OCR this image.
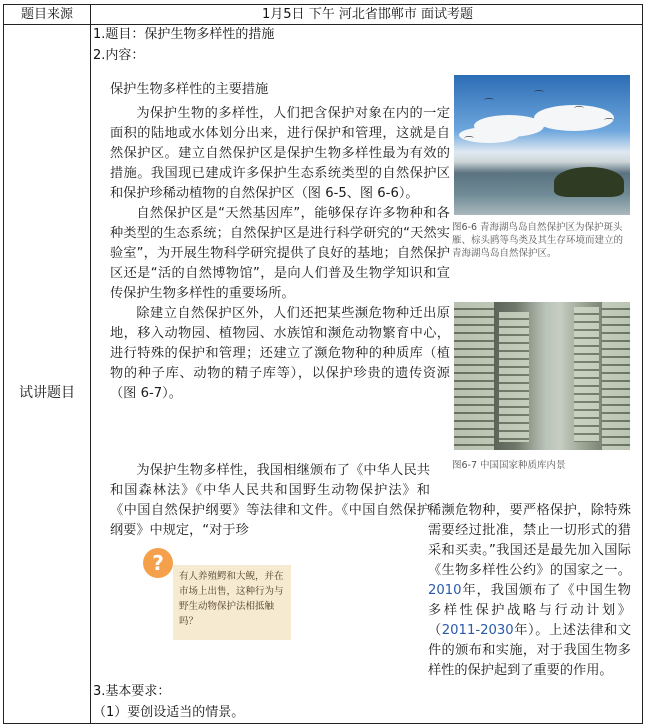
题目来源	1月5日 下午 河北省邯郸市 面试考题
试讲题目
1.题目：保护生物多样性的措施
2.内容：

保护生物多样性的主要措施

为保护生物的多样性，人们把含保护对象在内的一定面积的陆地或水体划分出来，进行保护和管理，这就是自然保护区。建立自然保护区是保护生物多样性最为有效的措施。我国现已建成许多保护生态系统类型的自然保护区和保护珍稀动植物的自然保护区（图 6-5、图 6-6）。

自然保护区是“天然基因库”，能够保存许多物种和各种类型的生态系统；自然保护区是进行科学研究的“天然实验室”，为开展生物科学研究提供了良好的基地；自然保护区还是“活的自然博物馆”，是向人们普及生物学知识和宣传保护生物多样性的重要场所。

除建立自然保护区外，人们还把某些濒危物种迁出原地，移入动物园、植物园、水族馆和濒危动物繁育中心，进行特殊的保护和管理；还建立了濒危物种的种质库（植物的种子库、动物的精子库等），以保护珍贵的遗传资源（图 6-7）。

为保护生物多样性，我国相继颁布了《中华人民共和国森林法》《中华人民共和国野生动物保护法》和《中国自然保护纲要》等法律和文件。《中国自然保护纲要》中规定，“对于珍
稀濒危物种，要严格保护，除特殊需要经过批准，禁止一切形式的猎采和买卖。”我国还是最先加入国际《生物多样性公约》的国家之一。2010年，我国颁布了《中国生物多样性保护战略与行动计划》（2011-2030年）。上述法律和文件的颁布和实施，对于我国生物多样性的保护起到了重要的作用。
⌒
⌒
⌒
⌒
⌒
图6-6 青海湖鸟岛自然保护区为保护斑头雁、棕头鸥等鸟类及其生存环境而建立的青海湖鸟岛自然保护区。
图6-7 中国国家种质库内景
?
有人养殖鳄和大鲵，并在市场上出售，这种行为与野生动物保护法相抵触吗？
3.基本要求：
（1）要创设适当的情景。
